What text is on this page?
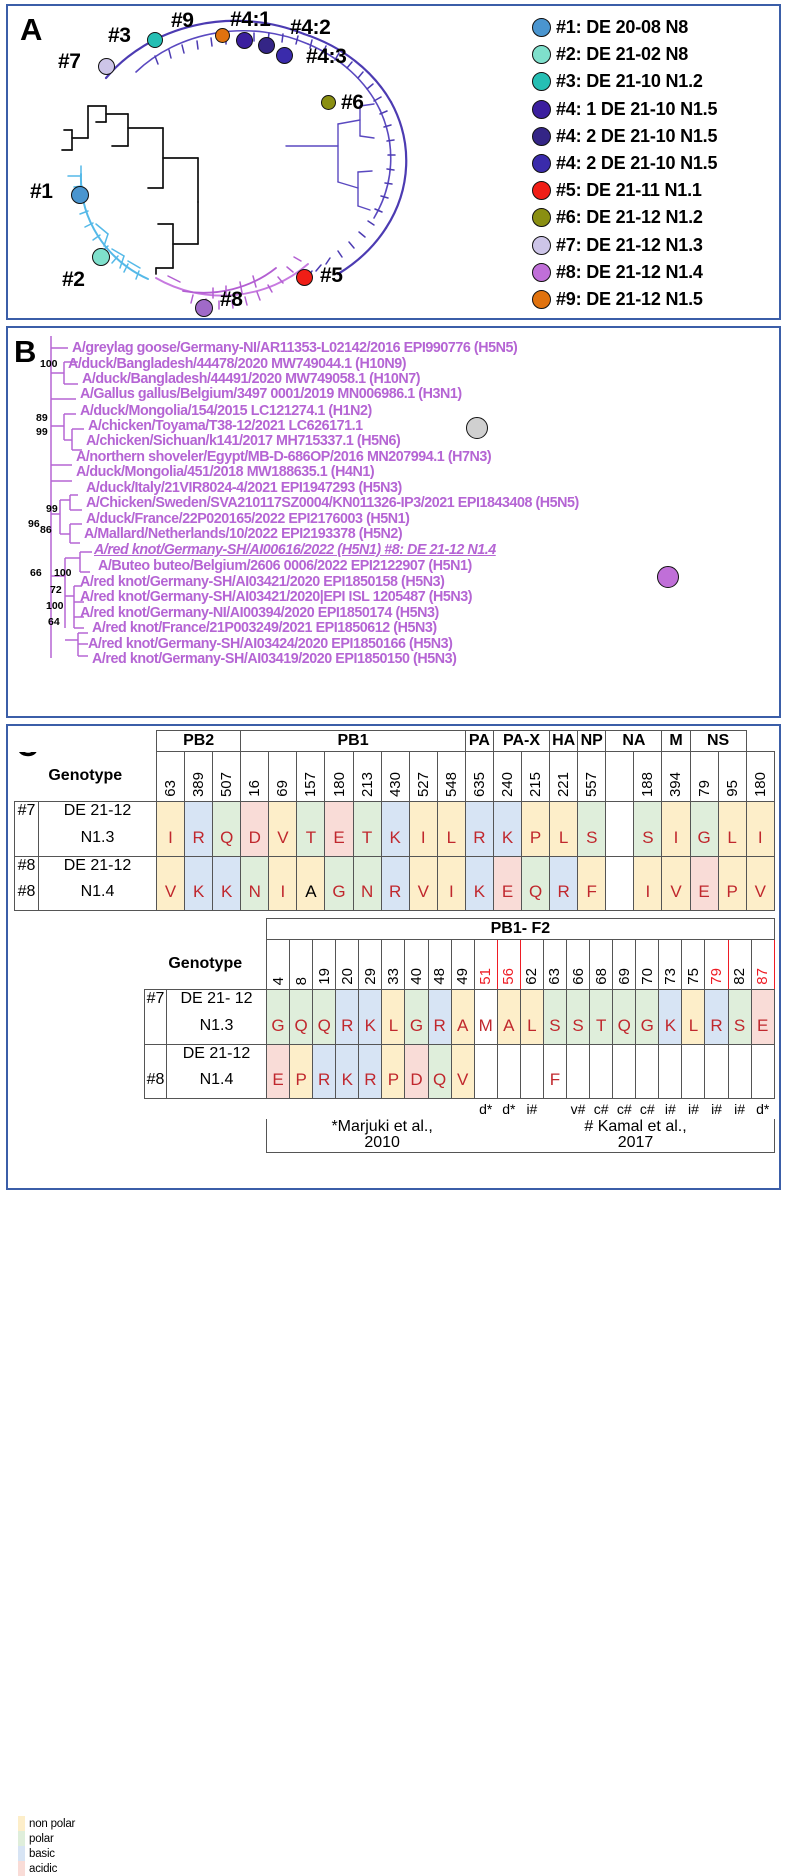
A
#7
#3
#9 #4:1 #4:2
#4:3
#6
#1
#2
#8
#5
#1: DE 20-08 N8
#2: DE 21-02 N8
#3: DE 21-10 N1.2
#4: 1 DE 21-10 N1.5
#4: 2 DE 21-10 N1.5
#4: 2 DE 21-10 N1.5
#5: DE 21-11 N1.1
#6: DE 21-12 N1.2
#7: DE 21-12 N1.3
#8: DE 21-12 N1.4
#9: DE 21-12 N1.5
B A/greylag goose/Germany-NI/AR11353-L02142/2016 EPI990776 (H5N5)
A/duck/Bangladesh/44478/2020 MW749044.1 (H10N9)
A/duck/Bangladesh/44491/2020 MW749058.1 (H10N7)
A/Gallus gallus/Belgium/3497 0001/2019 MN006986.1 (H3N1)
A/duck/Mongolia/154/2015 LC121274.1 (H1N2)
A/chicken/Toyama/T38-12/2021 LC626171.1
A/chicken/Sichuan/k141/2017 MH715337.1 (H5N6)
A/northern shoveler/Egypt/MB-D-686OP/2016 MN207994.1 (H7N3)
A/duck/Mongolia/451/2018 MW188635.1 (H4N1)
A/duck/Italy/21VIR8024-4/2021 EPI1947293 (H5N3)
A/Chicken/Sweden/SVA210117SZ0004/KN011326-IP3/2021 EPI1843408 (H5N5)
A/duck/France/22P020165/2022 EPI2176003 (H5N1)
A/Mallard/Netherlands/10/2022 EPI2193378 (H5N2)
A/red knot/Germany-SH/AI00616/2022 (H5N1) #8: DE 21-12 N1.4
A/Buteo buteo/Belgium/2606 0006/2022 EPI2122907 (H5N1)
A/red knot/Germany-SH/AI03421/2020 EPI1850158 (H5N3)
A/red knot/Germany-SH/AI03421/2020|EPI ISL 1205487 (H5N3)
A/red knot/Germany-NI/AI00394/2020 EPI1850174 (H5N3)
A/red knot/France/21P003249/2021 EPI1850612 (H5N3)
A/red knot/Germany-SH/AI03424/2020 EPI1850166 (H5N3)
A/red knot/Germany-SH/AI03419/2020 EPI1850150 (H5N3)
100
89
99
99
96 86
66 100
72
100
64
		PB2			PB1								PA	PA-X		HA	NP	NA		M	NS		
Genotype		63	389	507	16	69	157	180	213	430	527	548	635	240	215	221	557		188	394	79	95	180
#7	DE 21-12																						
	N1.3	I	R	Q	D	V	T	E	T	K	I	L	R	K	P	L	S		S	I	G	L	I
#8	DE 21-12																						
#8	N1.4	V	K	K	N	I	A	G	N	R	V	I	K	E	Q	R	F		I	V	E	P	V
		PB1- F2																					
Genotype		4	8	19	20	29	33	40	48	49	51	56	62	63	66	68	69	70	73	75	79	82	87
#7	DE 21- 12																						
	N1.3	G	Q	Q	R	K	L	G	R	A	M	A	L	S	S	T	Q	G	K	L	R	S	E
	DE 21-12																						
#8	N1.4	E	P	R	K	R	P	D	Q	V				F									
											d*	d*	i#		v#	c#	c#	c#	i#	i#	i#	i#	d*

*Marjuki et al.,
2010

# Kamal et al.,
2017
non polar
polar
basic
acidic
